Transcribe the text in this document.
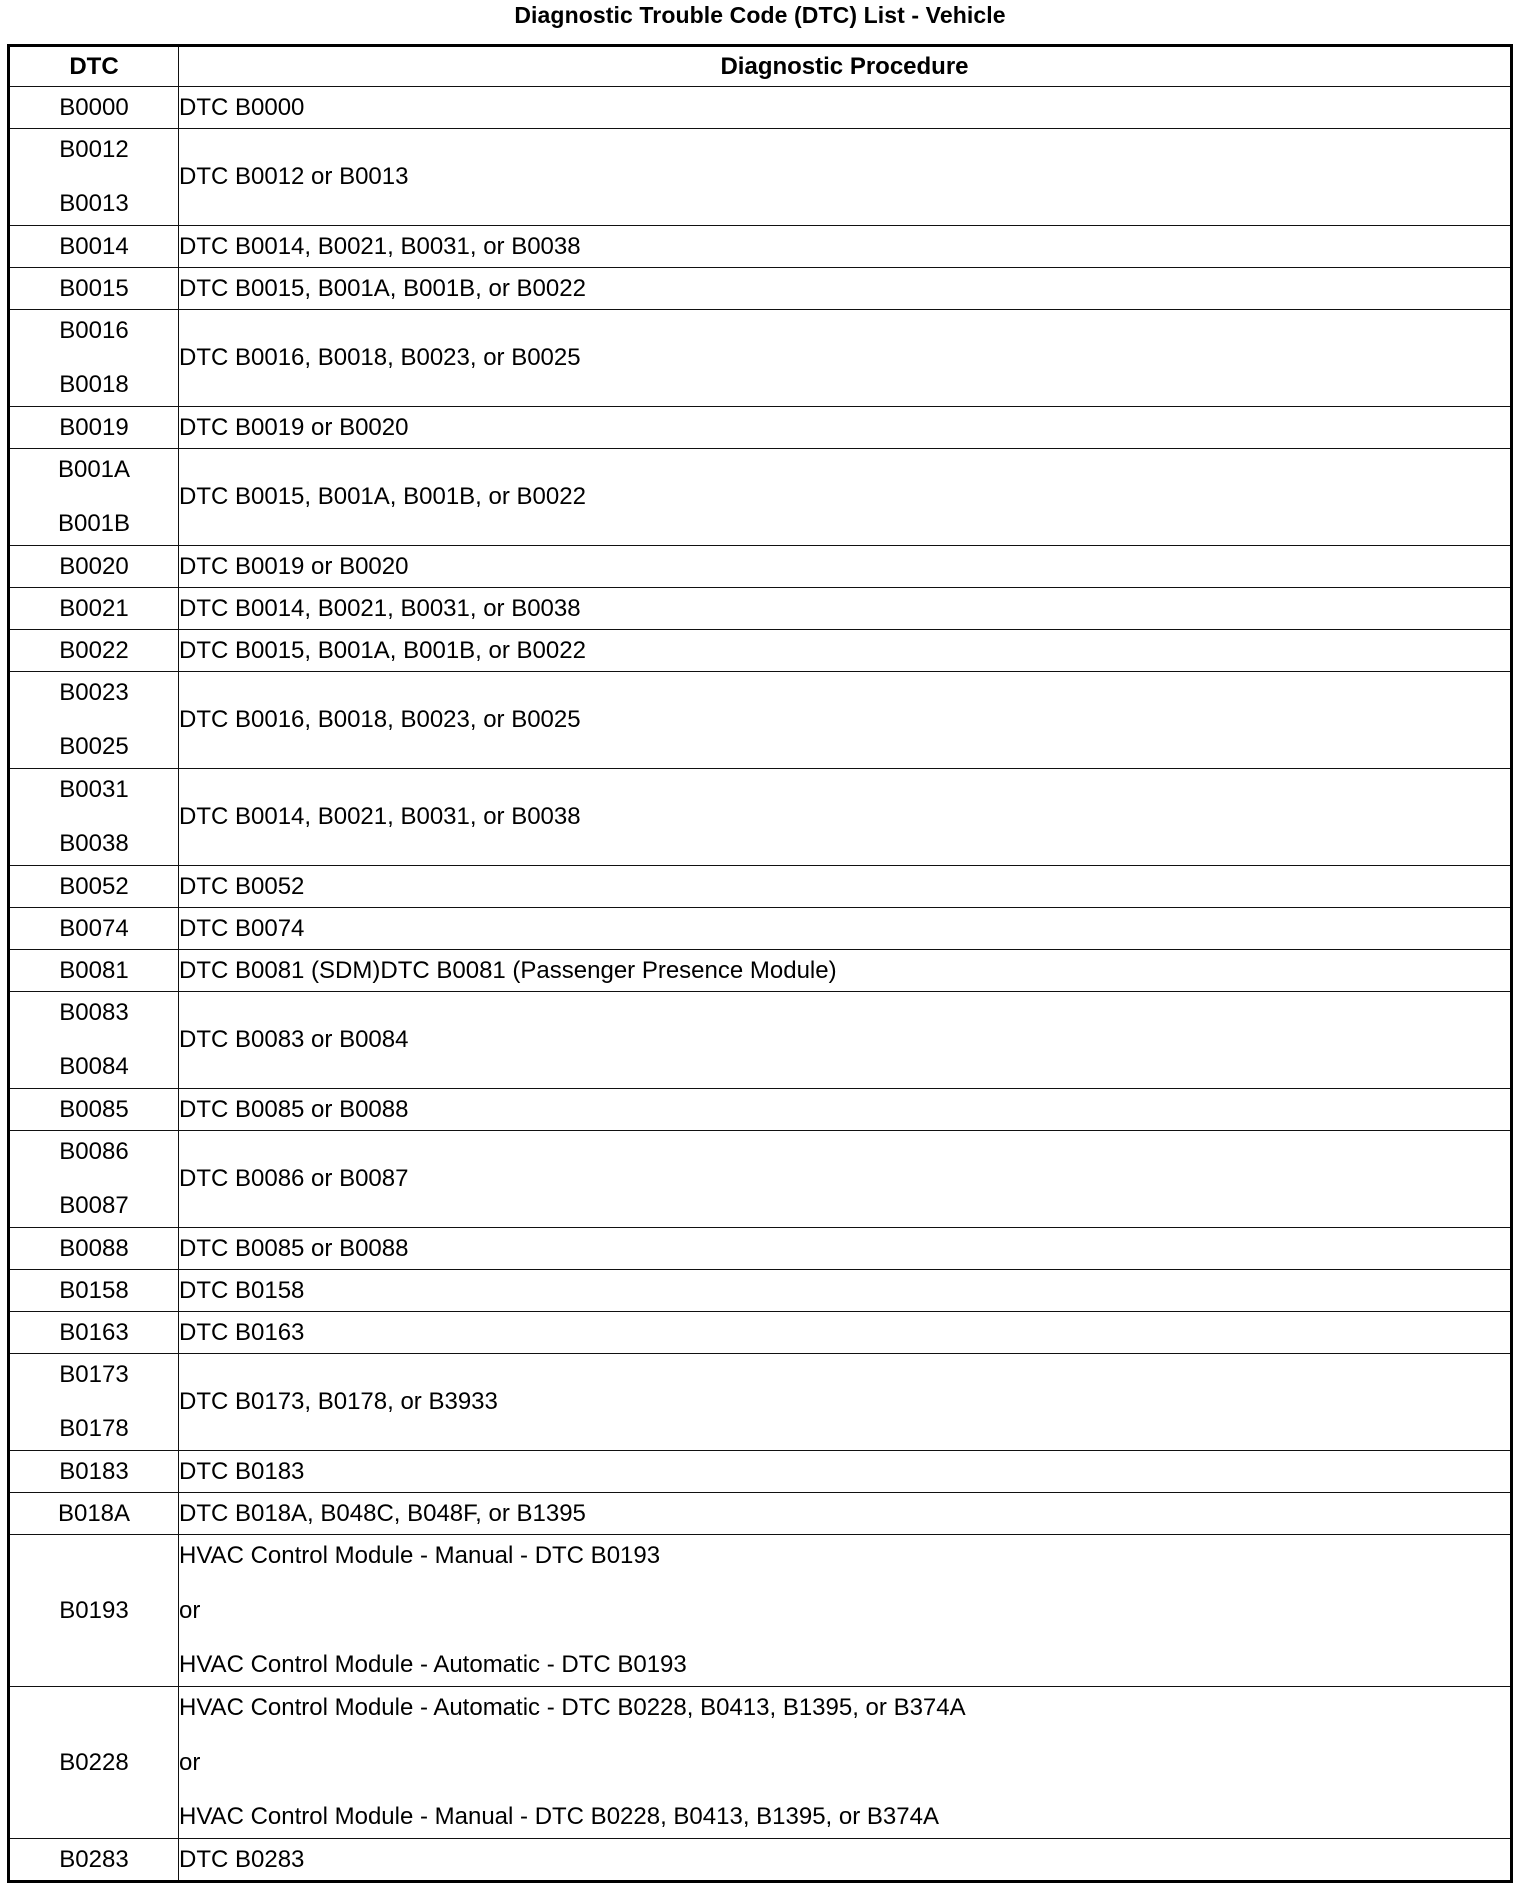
Diagnostic Trouble Code (DTC) List - Vehicle
DTC	Diagnostic Procedure
B0000	DTC B0000

B0012
B0013	DTC B0012 or B0013
B0014	DTC B0014, B0021, B0031, or B0038
B0015	DTC B0015, B001A, B001B, or B0022

B0016
B0018	DTC B0016, B0018, B0023, or B0025
B0019	DTC B0019 or B0020

B001A
B001B	DTC B0015, B001A, B001B, or B0022
B0020	DTC B0019 or B0020
B0021	DTC B0014, B0021, B0031, or B0038
B0022	DTC B0015, B001A, B001B, or B0022

B0023
B0025	DTC B0016, B0018, B0023, or B0025

B0031
B0038	DTC B0014, B0021, B0031, or B0038
B0052	DTC B0052
B0074	DTC B0074
B0081	DTC B0081 (SDM)DTC B0081 (Passenger Presence Module)

B0083
B0084	DTC B0083 or B0084
B0085	DTC B0085 or B0088

B0086
B0087	DTC B0086 or B0087
B0088	DTC B0085 or B0088
B0158	DTC B0158
B0163	DTC B0163

B0173
B0178	DTC B0173, B0178, or B3933
B0183	DTC B0183
B018A	DTC B018A, B048C, B048F, or B1395
B0193	HVAC Control Module - Manual - DTC B0193
or
HVAC Control Module - Automatic - DTC B0193

B0228	HVAC Control Module - Automatic - DTC B0228, B0413, B1395, or B374A
or
HVAC Control Module - Manual - DTC B0228, B0413, B1395, or B374A

B0283	DTC B0283
